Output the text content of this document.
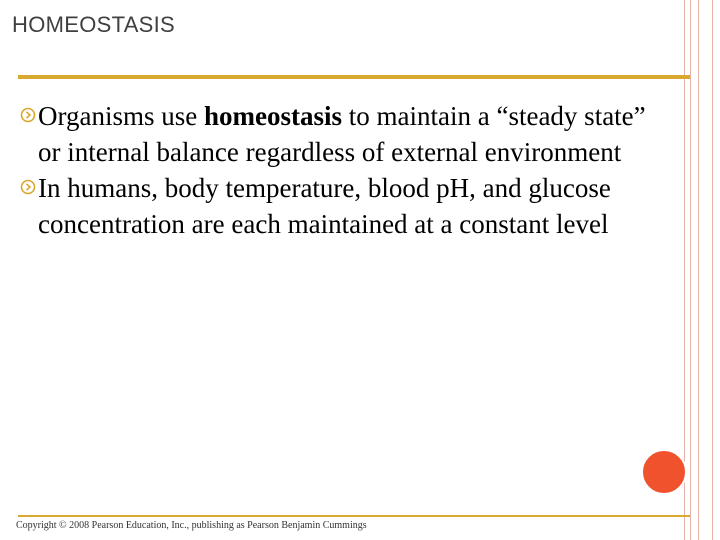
HOMEOSTASIS
Organisms use homeostasis to maintain a “steady state” or internal balance regardless of external environment
In humans, body temperature, blood pH, and glucose concentration are each maintained at a constant level
Copyright © 2008 Pearson Education, Inc., publishing as Pearson Benjamin Cummings
